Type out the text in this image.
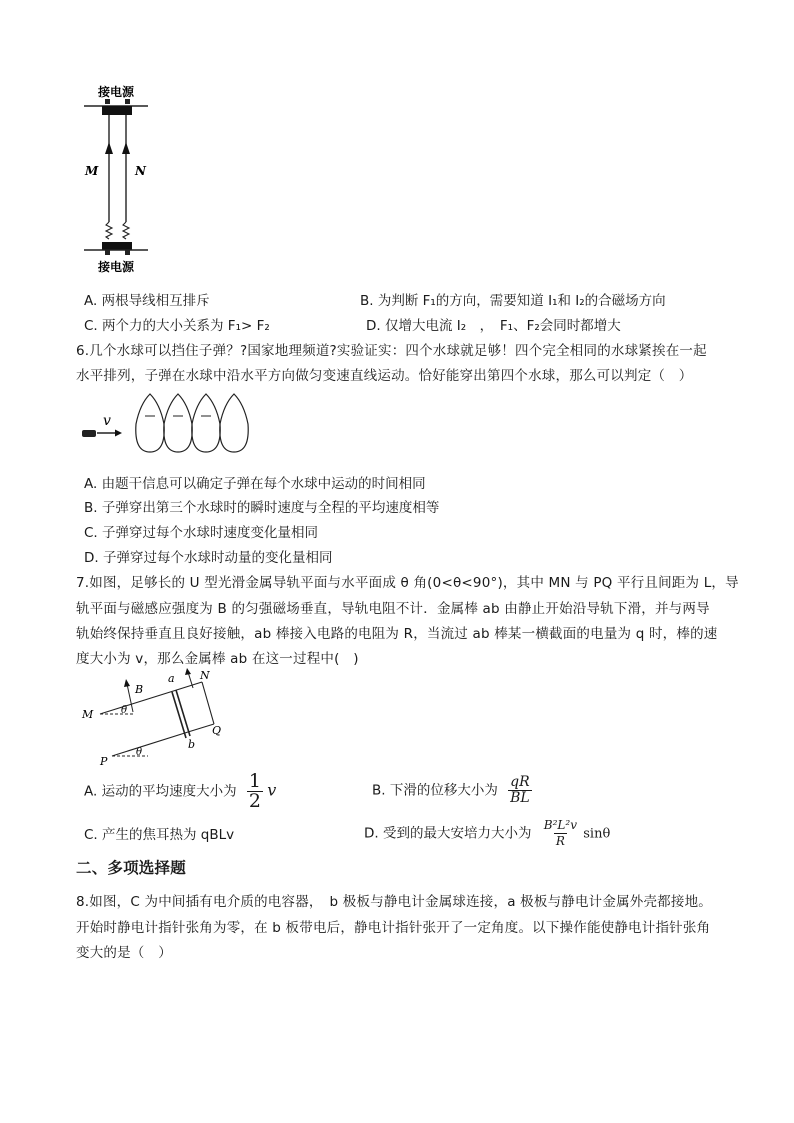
接电源
M	N
接电源
A. 两根导线相互排斥	B. 为判断 F₁的方向，需要知道 I₁和 I₂的合磁场方向
C. 两个力的大小关系为 F₁> F₂	D. 仅增大电流 I₂　，　F₁、F₂会同时都增大
6.几个水球可以挡住子弹？?国家地理频道?实验证实：四个水球就足够！四个完全相同的水球紧挨在一起
水平排列，子弹在水球中沿水平方向做匀变速直线运动。恰好能穿出第四个水球，那么可以判定（　）
v
A. 由题干信息可以确定子弹在每个水球中运动的时间相同
B. 子弹穿出第三个水球时的瞬时速度与全程的平均速度相等
C. 子弹穿过每个水球时速度变化量相同
D. 子弹穿过每个水球时动量的变化量相同
7.如图，足够长的 U 型光滑金属导轨平面与水平面成 θ 角(0<θ<90°)，其中 MN 与 PQ 平行且间距为 L，导
轨平面与磁感应强度为 B 的匀强磁场垂直，导轨电阻不计．金属棒 ab 由静止开始沿导轨下滑，并与两导
轨始终保持垂直且良好接触，ab 棒接入电路的电阻为 R，当流过 ab 棒某一横截面的电量为 q 时，棒的速
度大小为 v，那么金属棒 ab 在这一过程中(　)
B
a N
M	θ
Q
b
P
θ
A. 运动的平均速度大小为 $\frac{1}{2}$ v	B. 下滑的位移大小为 $\frac{qR}{BL}$
C. 产生的焦耳热为 qBLv	D. 受到的最大安培力大小为 $\frac{\text{B²L²v}}{R}$ sinθ
二、多项选择题
8.如图，C 为中间插有电介质的电容器，　b 极板与静电计金属球连接，a 极板与静电计金属外壳都接地。
开始时静电计指针张角为零，在 b 板带电后，静电计指针张开了一定角度。以下操作能使静电计指针张角
变大的是（　）
